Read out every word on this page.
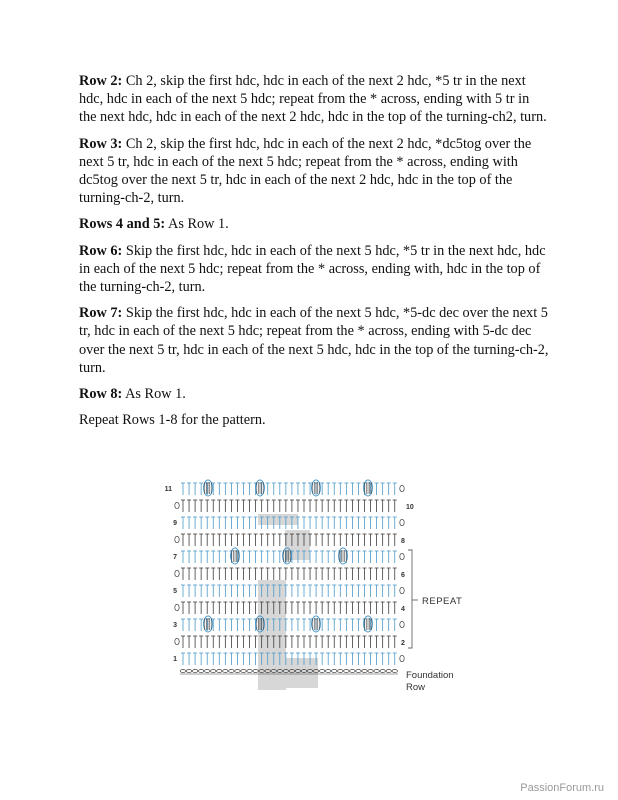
Row 2: Ch 2, skip the first hdc, hdc in each of the next 2 hdc, *5 tr in the next hdc, hdc in each of the next 5 hdc; repeat from the * across, ending with 5 tr in the next hdc, hdc in each of the next 2 hdc, hdc in the top of the turning-ch2, turn.

Row 3: Ch 2, skip the first hdc, hdc in each of the next 2 hdc, *dc5tog over the next 5 tr, hdc in each of the next 5 hdc; repeat from the * across, ending with dc5tog over the next 5 tr, hdc in each of the next 2 hdc, hdc in the top of the turning-ch-2, turn.

Rows 4 and 5: As Row 1.

Row 6: Skip the first hdc, hdc in each of the next 5 hdc, *5 tr in the next hdc, hdc in each of the next 5 hdc; repeat from the * across, ending with, hdc in the top of the turning-ch-2, turn.

Row 7: Skip the first hdc, hdc in each of the next 5 hdc, *5-dc dec over the next 5 tr, hdc in each of the next 5 hdc; repeat from the * across, ending with 5-dc dec over the next 5 tr, hdc in each of the next 5 hdc, hdc in the top of the turning-ch-2, turn.

Row 8: As Row 1.

Repeat Rows 1-8 for the pattern.

11
9
7
5
3
1
10
8
6
4
2
REPEAT
Foundation
Row
PassionForum.ru
